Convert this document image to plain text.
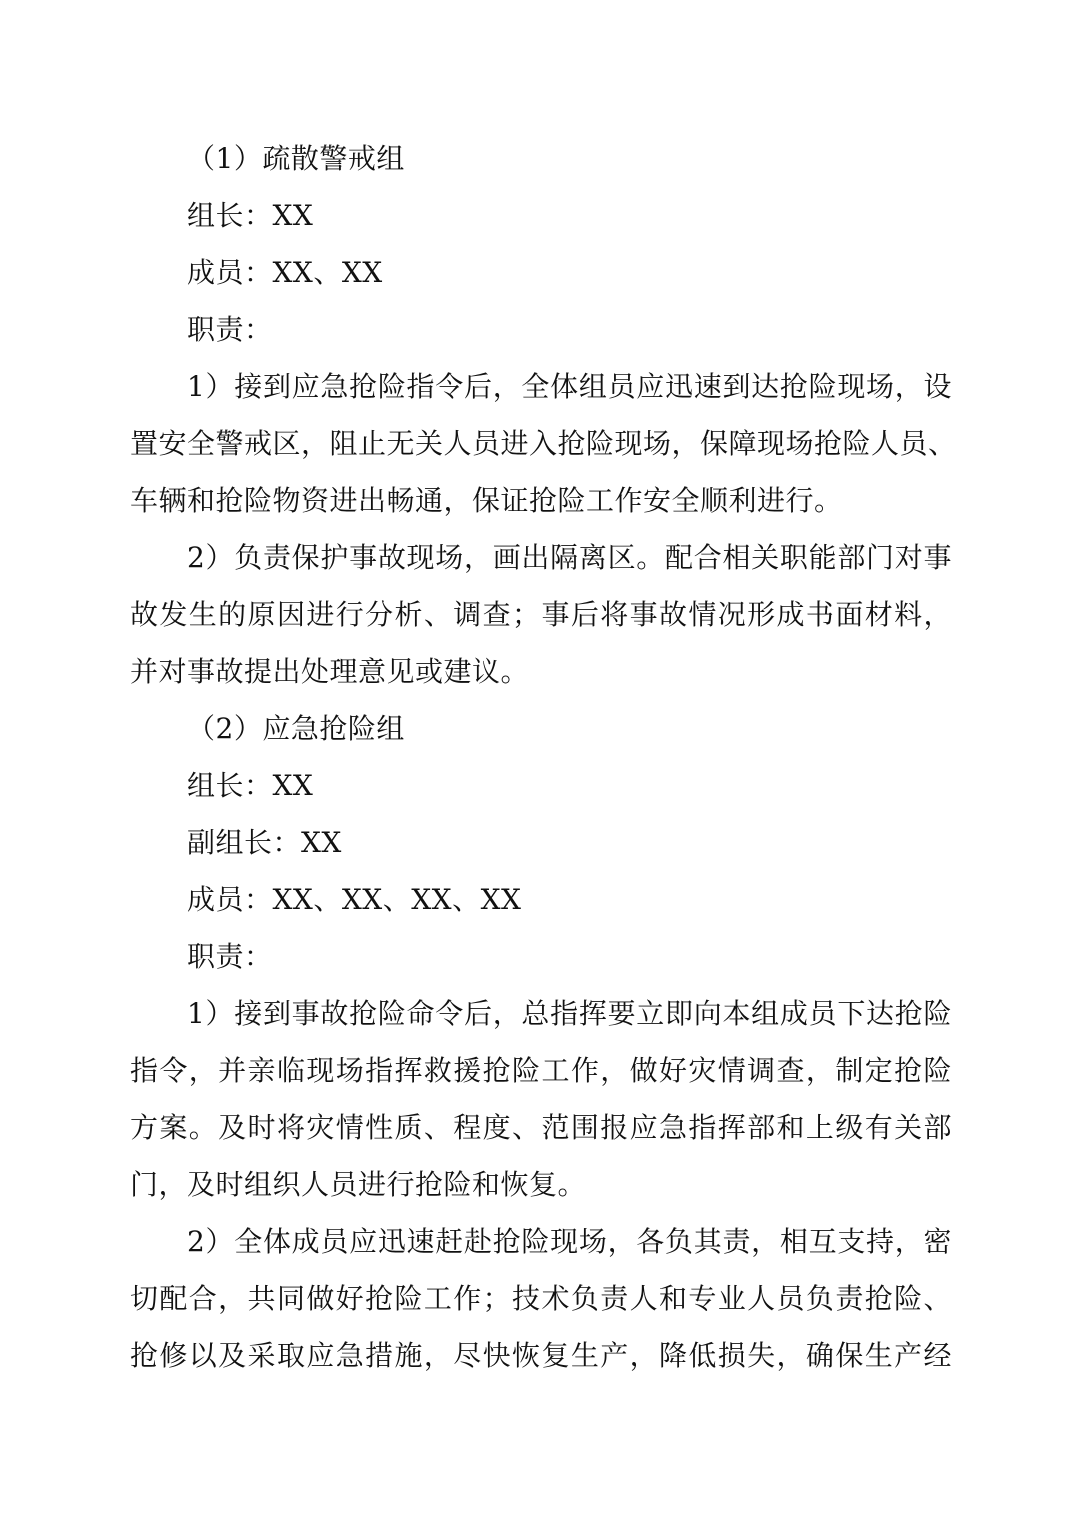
（1）疏散警戒组
组长：XX
成员：XX、XX
职责：
1）接到应急抢险指令后，全体组员应迅速到达抢险现场，设
置安全警戒区，阻止无关人员进入抢险现场，保障现场抢险人员、
车辆和抢险物资进出畅通，保证抢险工作安全顺利进行。
2）负责保护事故现场，画出隔离区。配合相关职能部门对事
故发生的原因进行分析、调查；事后将事故情况形成书面材料，
并对事故提出处理意见或建议。
（2）应急抢险组
组长：XX
副组长：XX
成员：XX、XX、XX、XX
职责：
1）接到事故抢险命令后，总指挥要立即向本组成员下达抢险
指令，并亲临现场指挥救援抢险工作，做好灾情调查，制定抢险
方案。及时将灾情性质、程度、范围报应急指挥部和上级有关部
门，及时组织人员进行抢险和恢复。
2）全体成员应迅速赶赴抢险现场，各负其责，相互支持，密
切配合，共同做好抢险工作；技术负责人和专业人员负责抢险、
抢修以及采取应急措施，尽快恢复生产，降低损失，确保生产经
